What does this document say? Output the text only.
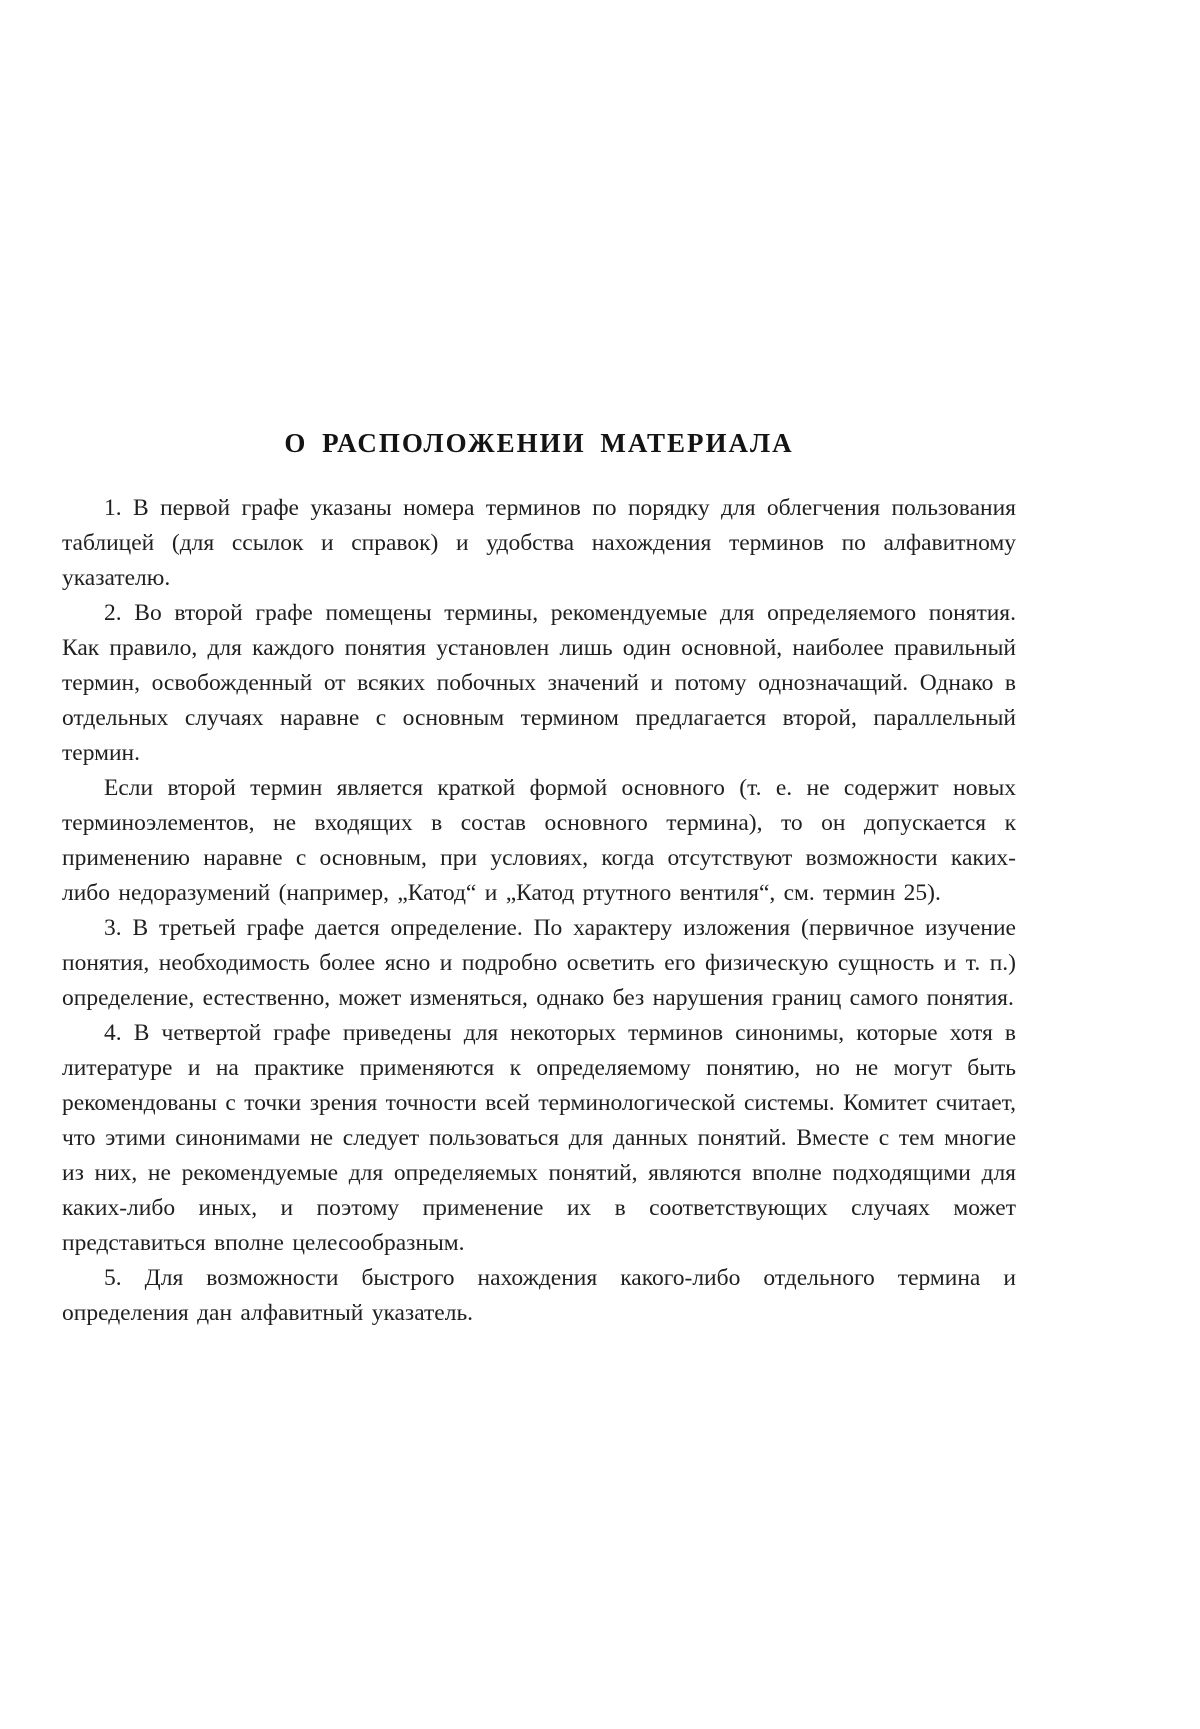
О РАСПОЛОЖЕНИИ МАТЕРИАЛА

1. В первой графе указаны номера терминов по порядку для облегчения пользования таблицей (для ссылок и справок) и удобства нахождения терминов по алфавитному указателю.

2. Во второй графе помещены термины, рекомендуемые для определяемого понятия. Как правило, для каждого понятия установлен лишь один основной, наиболее правильный термин, освобожденный от всяких побочных значений и потому однозначащий. Однако в отдельных случаях наравне с основным термином предлагается второй, параллельный термин.

Если второй термин является краткой формой основного (т. е. не содержит новых терминоэлементов, не входящих в состав основного термина), то он допускается к применению наравне с основным, при условиях, когда отсутствуют возможности каких-либо недоразумений (например, „Катод“ и „Катод ртутного вентиля“, см. термин 25).

3. В третьей графе дается определение. По характеру изложения (первичное изучение понятия, необходимость более ясно и подробно осветить его физическую сущность и т. п.) определение, естественно, может изменяться, однако без нарушения границ самого понятия.

4. В четвертой графе приведены для некоторых терминов синонимы, которые хотя в литературе и на практике применяются к определяемому понятию, но не могут быть рекомендованы с точки зрения точности всей терминологической системы. Комитет считает, что этими синонимами не следует пользоваться для данных понятий. Вместе с тем многие из них, не рекомендуемые для определяемых понятий, являются вполне подходящими для каких-либо иных, и поэтому применение их в соответствующих случаях может представиться вполне целесообразным.

5. Для возможности быстрого нахождения какого-либо отдельного термина и определения дан алфавитный указатель.
